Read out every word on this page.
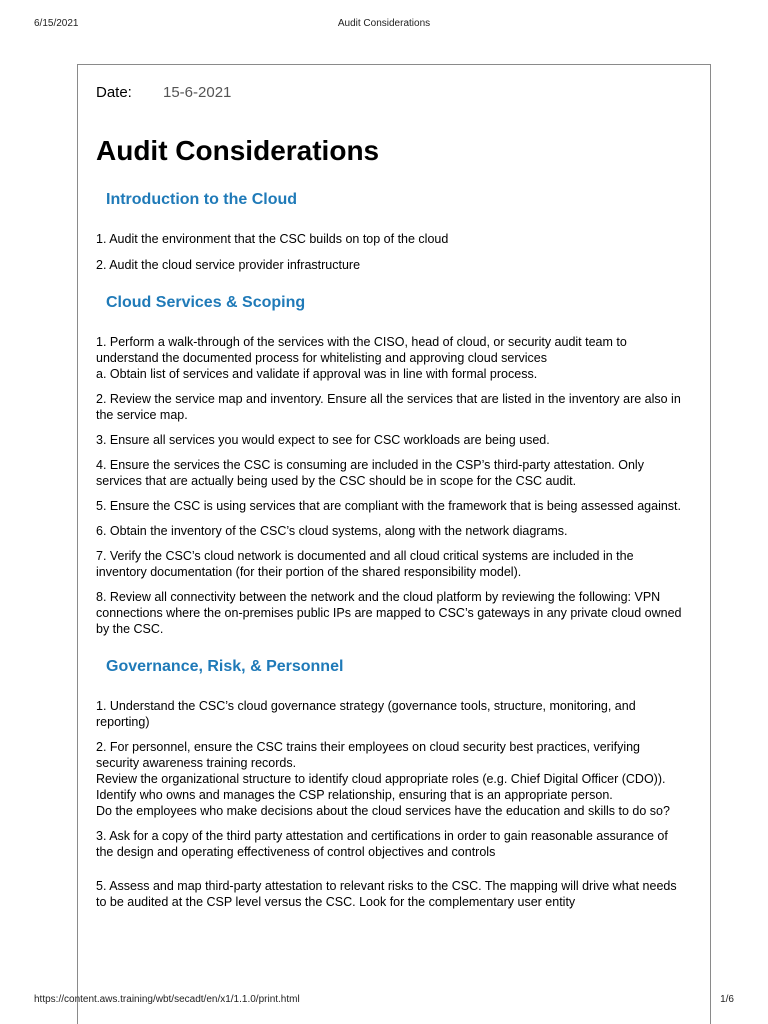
6/15/2021	Audit Considerations

Date: 15-6-2021

Audit Considerations
Introduction to the Cloud

1. Audit the environment that the CSC builds on top of the cloud

2. Audit the cloud service provider infrastructure

Cloud Services & Scoping

1. Perform a walk-through of the services with the CISO, head of cloud, or security audit team to understand the documented process for whitelisting and approving cloud services
a. Obtain list of services and validate if approval was in line with formal process.

2. Review the service map and inventory. Ensure all the services that are listed in the inventory are also in the service map.

3. Ensure all services you would expect to see for CSC workloads are being used.

4. Ensure the services the CSC is consuming are included in the CSP’s third-party attestation. Only services that are actually being used by the CSC should be in scope for the CSC audit.

5. Ensure the CSC is using services that are compliant with the framework that is being assessed against.

6. Obtain the inventory of the CSC’s cloud systems, along with the network diagrams.

7. Verify the CSC’s cloud network is documented and all cloud critical systems are included in the inventory documentation (for their portion of the shared responsibility model).

8. Review all connectivity between the network and the cloud platform by reviewing the following: VPN connections where the on-premises public IPs are mapped to CSC’s gateways in any private cloud owned by the CSC.

Governance, Risk, & Personnel

1. Understand the CSC’s cloud governance strategy (governance tools, structure, monitoring, and reporting)

2. For personnel, ensure the CSC trains their employees on cloud security best practices, verifying security awareness training records.
Review the organizational structure to identify cloud appropriate roles (e.g. Chief Digital Officer (CDO)).
Identify who owns and manages the CSP relationship, ensuring that is an appropriate person.
Do the employees who make decisions about the cloud services have the education and skills to do so?

3. Ask for a copy of the third party attestation and certifications in order to gain reasonable assurance of the design and operating effectiveness of control objectives and controls

5. Assess and map third-party attestation to relevant risks to the CSC. The mapping will drive what needs to be audited at the CSP level versus the CSC. Look for the complementary user entity

https://content.aws.training/wbt/secadt/en/x1/1.1.0/print.html	1/6
